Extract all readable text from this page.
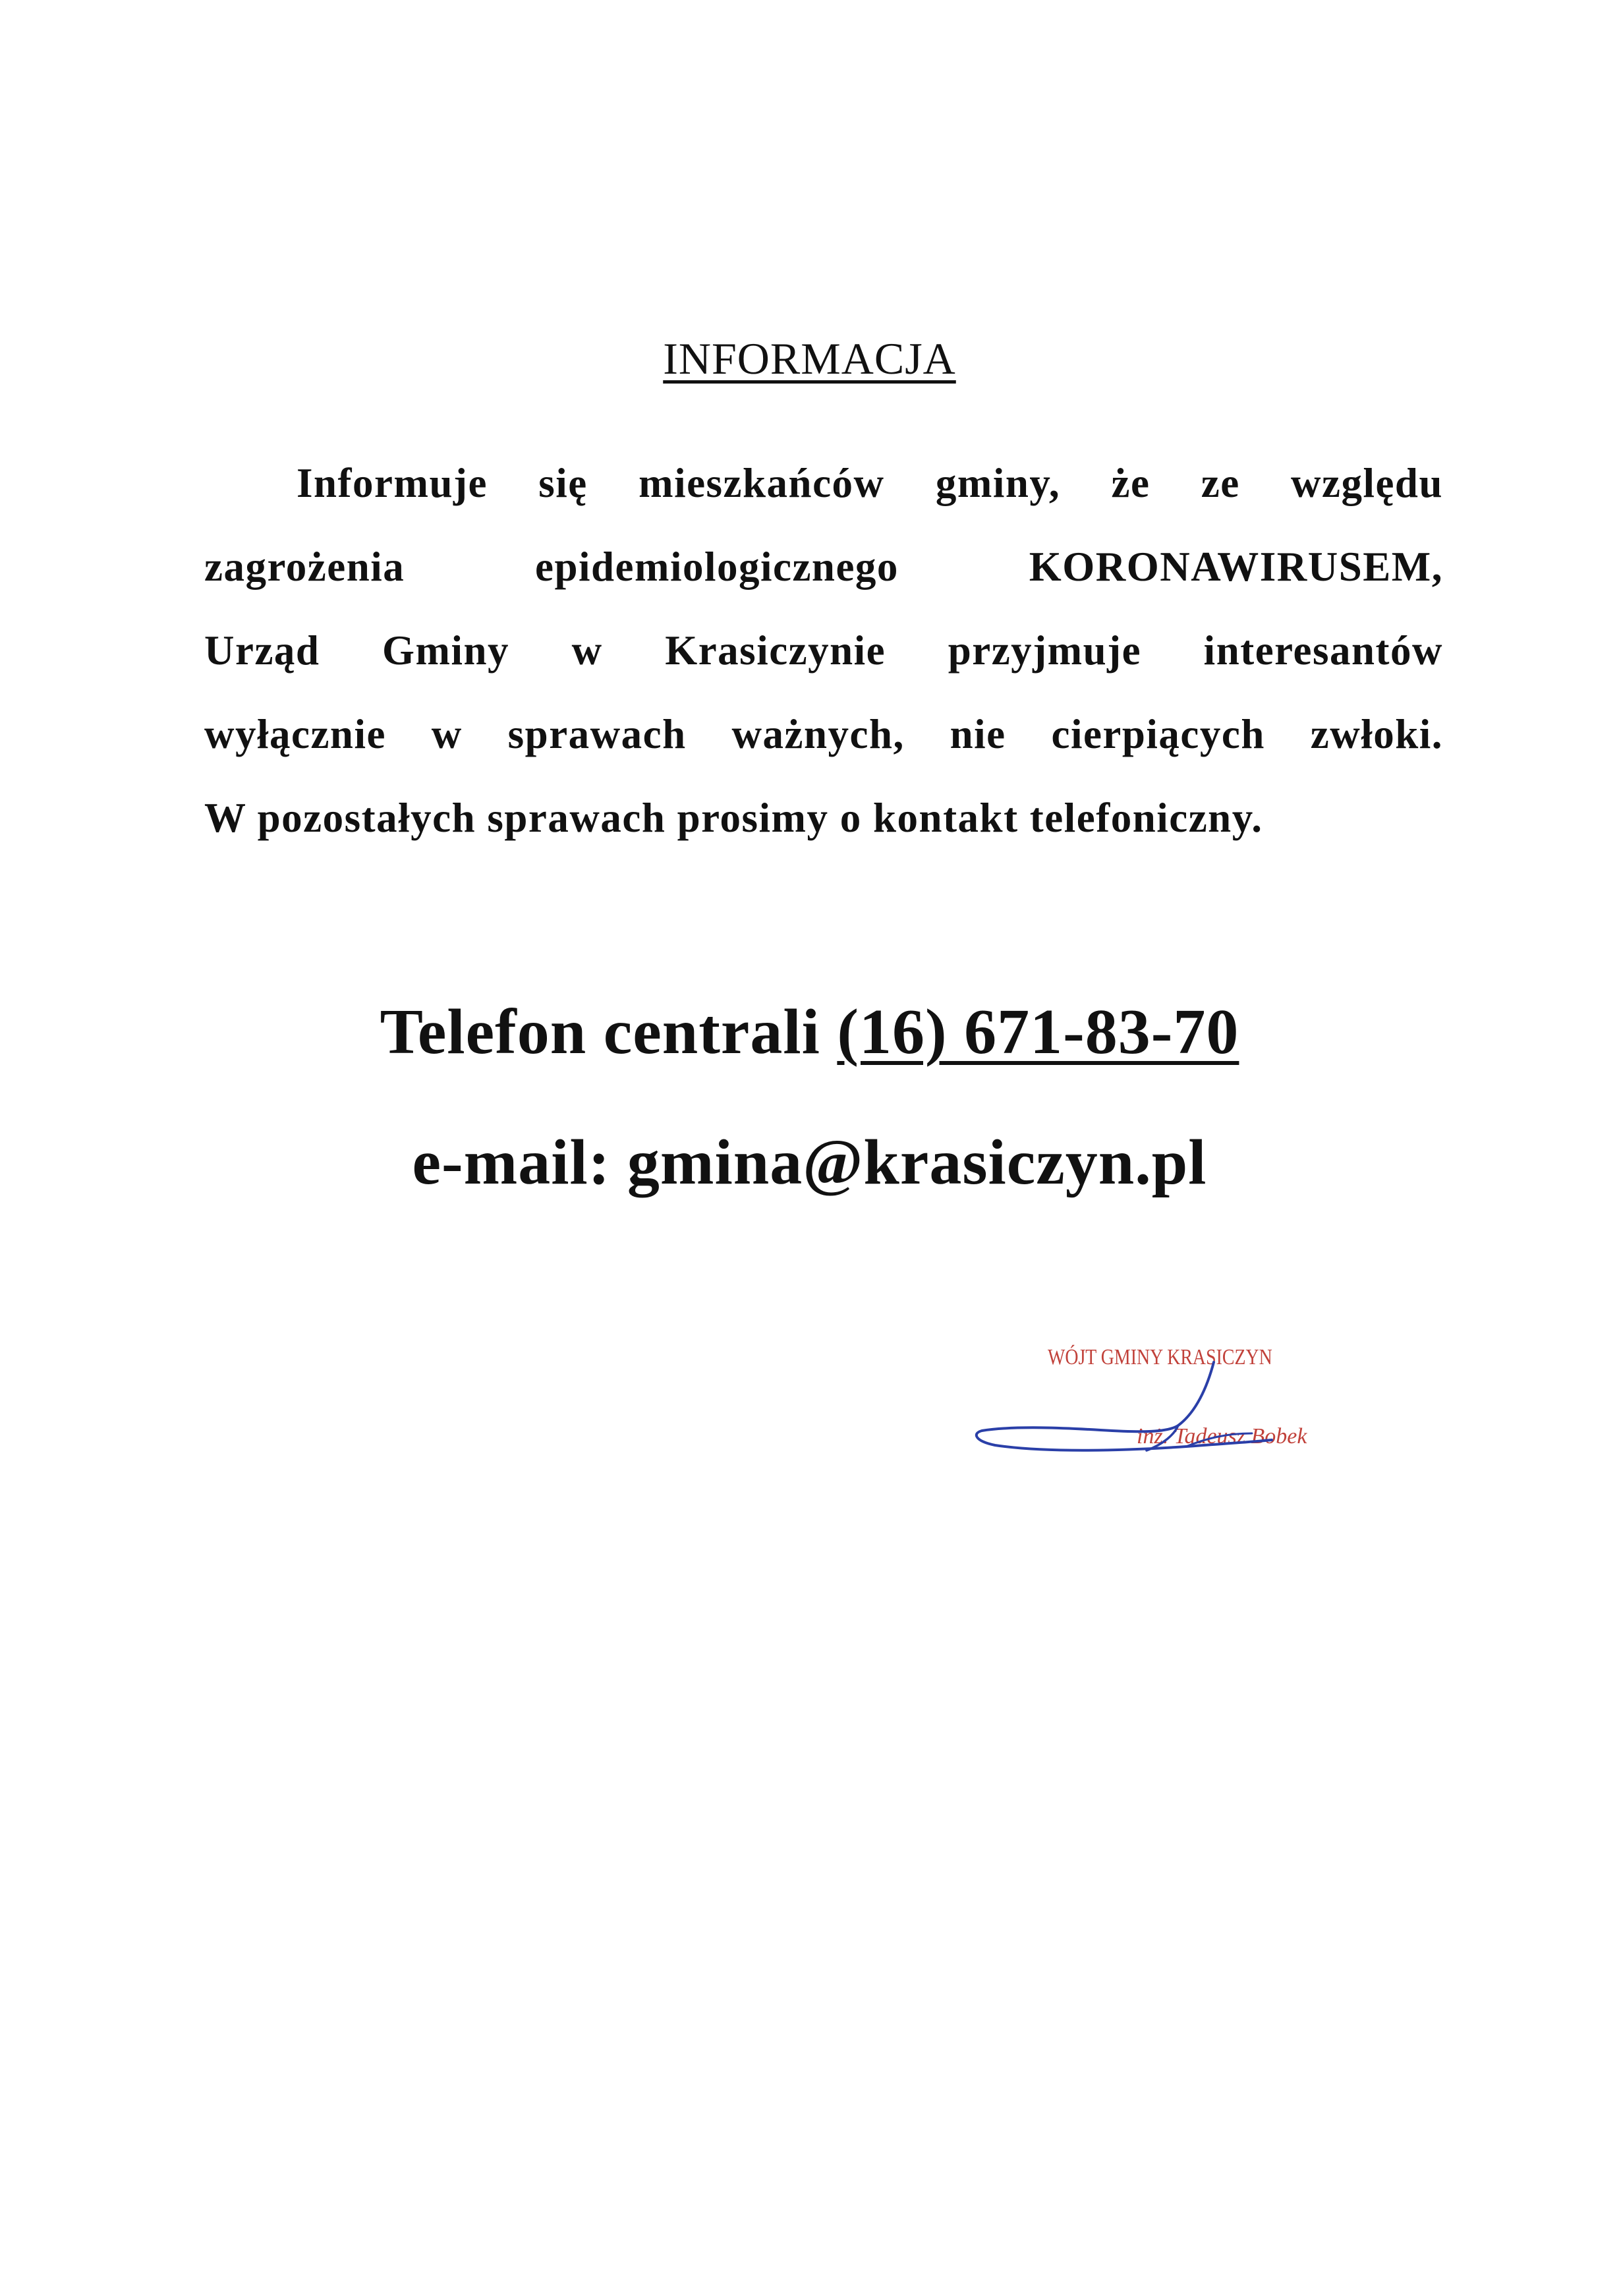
INFORMACJA

Informuje się mieszkańców gminy, że ze względu
zagrożenia epidemiologicznego KORONAWIRUSEM,
Urząd Gminy w Krasiczynie przyjmuje interesantów
wyłącznie w sprawach ważnych, nie cierpiących zwłoki.
W pozostałych sprawach prosimy o kontakt telefoniczny.

Telefon centrali (16) 671-83-70

e-mail: gmina@krasiczyn.pl

WÓJT GMINY KRASICZYN
inż. Tadeusz Bobek
